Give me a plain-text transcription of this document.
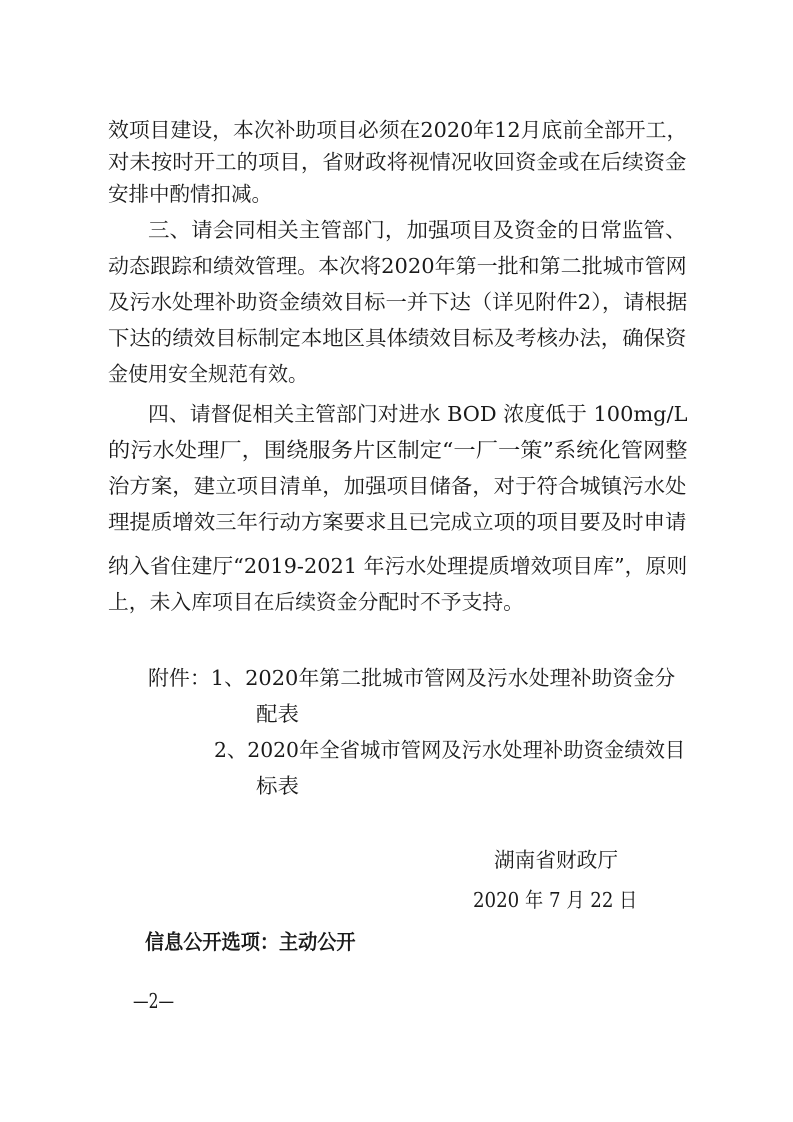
效项目建设，本次补助项目必须在2020年12月底前全部开工，
对未按时开工的项目，省财政将视情况收回资金或在后续资金
安排中酌情扣减。
三、请会同相关主管部门，加强项目及资金的日常监管、
动态跟踪和绩效管理。本次将2020年第一批和第二批城市管网
及污水处理补助资金绩效目标一并下达（详见附件2），请根据
下达的绩效目标制定本地区具体绩效目标及考核办法，确保资
金使用安全规范有效。
四、请督促相关主管部门对进水 BOD 浓度低于 100mg/L
的污水处理厂，围绕服务片区制定“一厂一策”系统化管网整
治方案，建立项目清单，加强项目储备，对于符合城镇污水处
理提质增效三年行动方案要求且已完成立项的项目要及时申请
纳入省住建厅“2019-2021 年污水处理提质增效项目库”，原则
上，未入库项目在后续资金分配时不予支持。
附件：1、2020年第二批城市管网及污水处理补助资金分
配表
2、2020年全省城市管网及污水处理补助资金绩效目
标表
湖南省财政厅
2020 年 7 月 22 日
信息公开选项：主动公开
—2—
